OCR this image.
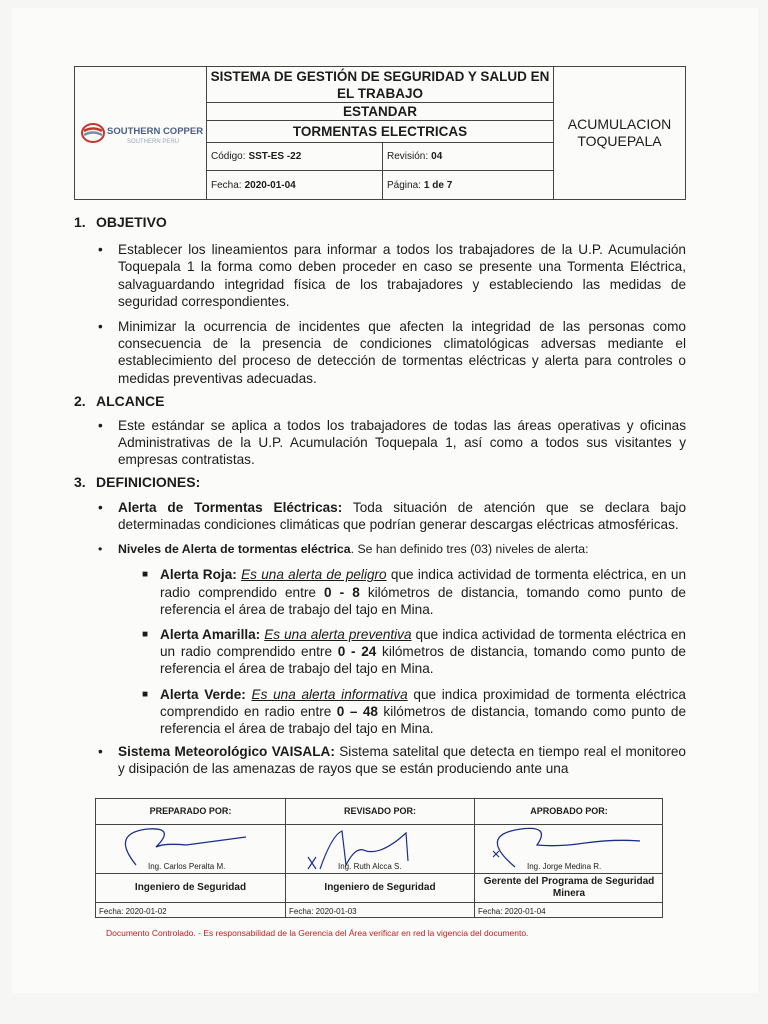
SOUTHERN COPPER
SOUTHERN PERU
SISTEMA DE GESTIÓN DE SEGURIDAD Y SALUD EN EL TRABAJO
ESTANDAR
TORMENTAS ELECTRICAS
Código: SST-ES -22	Revisión: 04
Fecha: 2020-01-04	Página: 1 de 7
ACUMULACION TOQUEPALA

1. OBJETIVO

• Establecer los lineamientos para informar a todos los trabajadores de la U.P. Acumulación Toquepala 1 la forma como deben proceder en caso se presente una Tormenta Eléctrica, salvaguardando integridad física de los trabajadores y estableciendo las medidas de seguridad correspondientes.
• Minimizar la ocurrencia de incidentes que afecten la integridad de las personas como consecuencia de la presencia de condiciones climatológicas adversas mediante el establecimiento del proceso de detección de tormentas eléctricas y alerta para controles o medidas preventivas adecuadas.

2. ALCANCE

• Este estándar se aplica a todos los trabajadores de todas las áreas operativas y oficinas Administrativas de la U.P. Acumulación Toquepala 1, así como a todos sus visitantes y empresas contratistas.

3. DEFINICIONES:

• Alerta de Tormentas Eléctricas: Toda situación de atención que se declara bajo determinadas condiciones climáticas que podrían generar descargas eléctricas atmosféricas.
• Niveles de Alerta de tormentas eléctrica. Se han definido tres (03) niveles de alerta:
■ Alerta Roja: Es una alerta de peligro que indica actividad de tormenta eléctrica, en un radio comprendido entre 0 - 8 kilómetros de distancia, tomando como punto de referencia el área de trabajo del tajo en Mina.
■ Alerta Amarilla: Es una alerta preventiva que indica actividad de tormenta eléctrica en un radio comprendido entre 0 - 24 kilómetros de distancia, tomando como punto de referencia el área de trabajo del tajo en Mina.
■ Alerta Verde: Es una alerta informativa que indica proximidad de tormenta eléctrica comprendido en radio entre 0 – 48 kilómetros de distancia, tomando como punto de referencia el área de trabajo del tajo en Mina.
• Sistema Meteorológico VAISALA: Sistema satelital que detecta en tiempo real el monitoreo y disipación de las amenazas de rayos que se están produciendo ante una
PREPARADO POR:
Ing. Carlos Peralta M.
Ingeniero de Seguridad
Fecha: 2020-01-02
REVISADO POR:
Ing. Ruth Alcca S.
Ingeniero de Seguridad
Fecha: 2020-01-03
APROBADO POR:
Ing. Jorge Medina R.
Gerente del Programa de Seguridad Minera
Fecha: 2020-01-04
Documento Controlado. - Es responsabilidad de la Gerencia del Área verificar en red la vigencia del documento.
